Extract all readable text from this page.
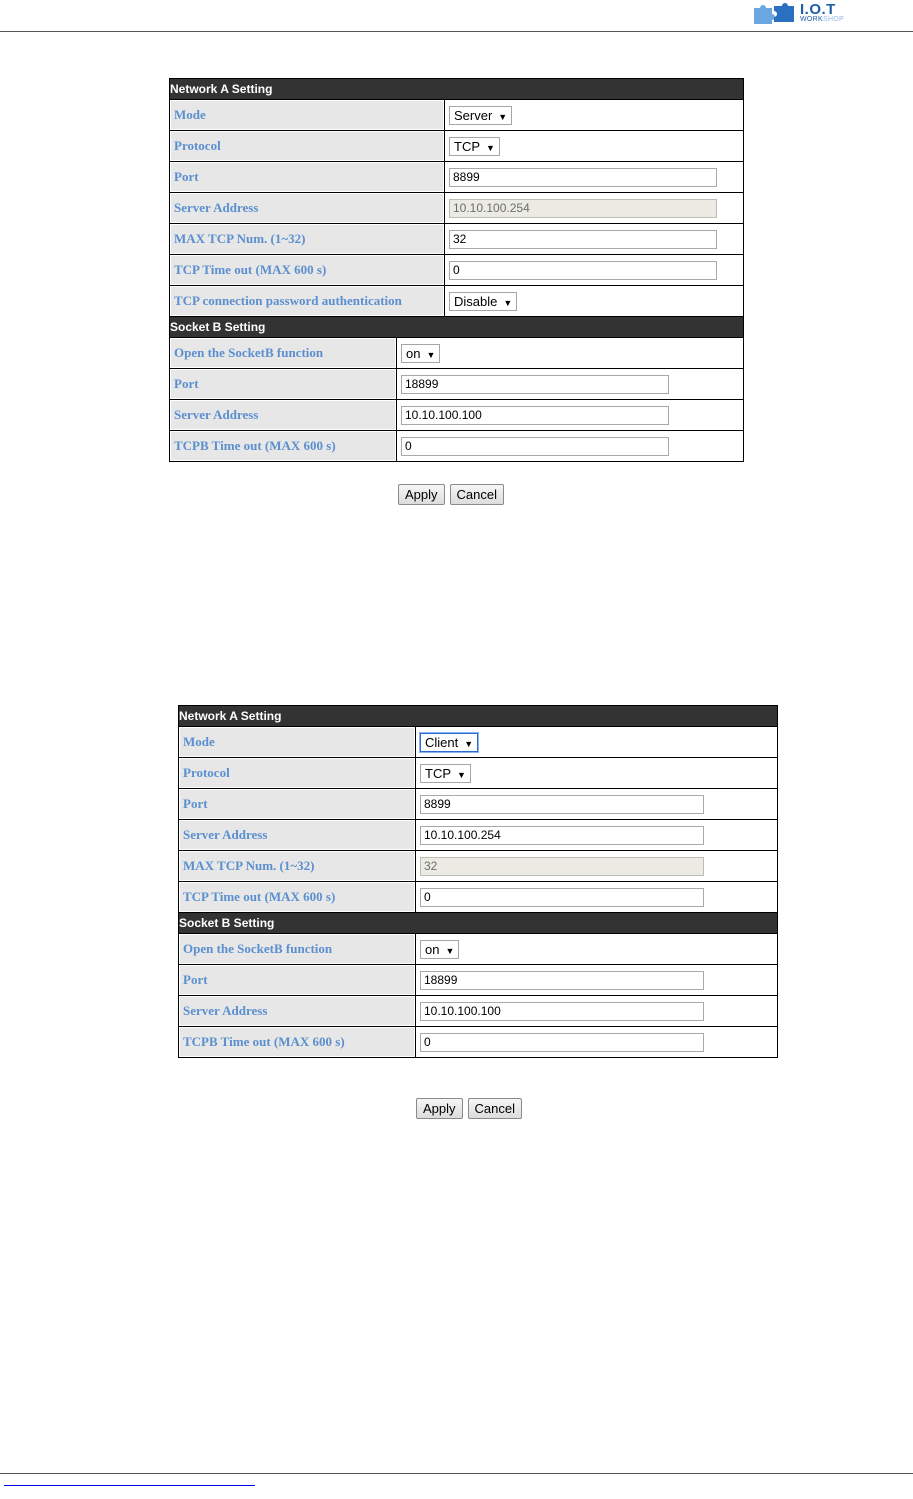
I.O.T
WORKSHOP
Network A Setting	
Mode	Server ▼
Protocol	TCP ▼
Port	8899
Server Address	10.10.100.254
MAX TCP Num. (1~32)	32
TCP Time out (MAX 600 s)	0
TCP connection password authentication	Disable ▼
Socket B Setting	
Open the SocketB function	on ▼
Port	18899
Server Address	10.10.100.100
TCPB Time out (MAX 600 s)	0
Apply Cancel
Network A Setting	
Mode	Client ▼
Protocol	TCP ▼
Port	8899
Server Address	10.10.100.254
MAX TCP Num. (1~32)	32
TCP Time out (MAX 600 s)	0
Socket B Setting	
Open the SocketB function	on ▼
Port	18899
Server Address	10.10.100.100
TCPB Time out (MAX 600 s)	0
Apply Cancel
